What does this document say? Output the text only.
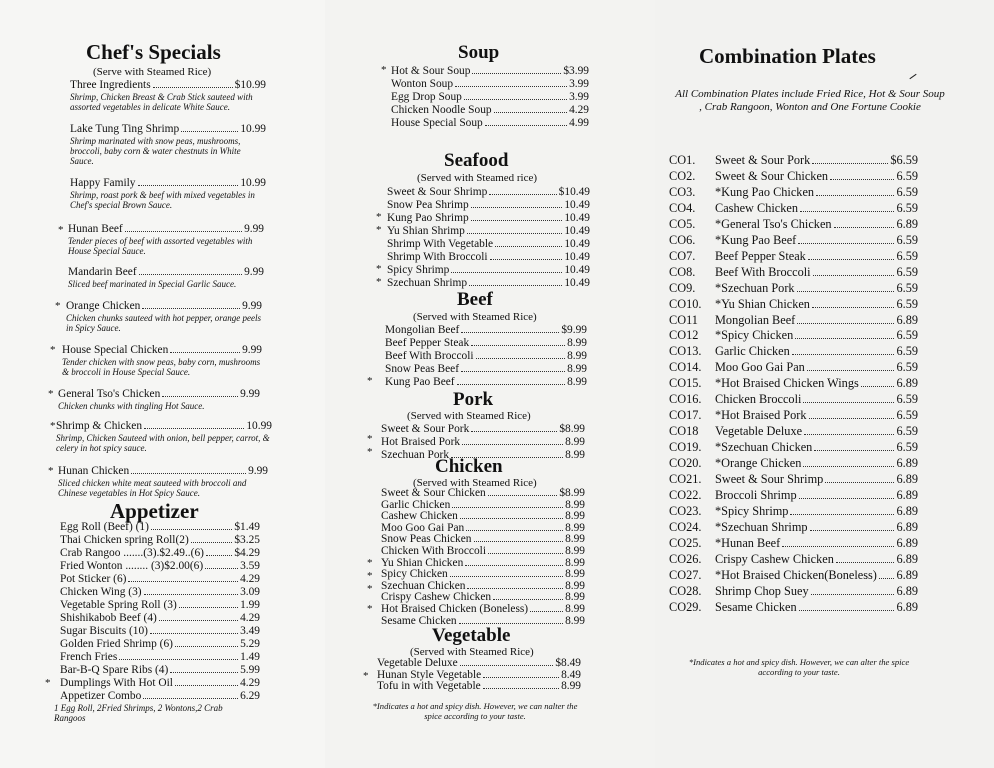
Chef's Specials
(Serve with Steamed Rice)
Three Ingredients	$10.99
Shrimp, Chicken Breast & Crab Stick sauteed with assorted vegetables in delicate White Sauce.
Lake Tung Ting Shrimp	10.99
Shrimp marinated with snow peas, mushrooms, broccoli, baby corn & water chestnuts in White Sauce.
Happy Family	10.99
Shrimp, roast pork & beef with mixed vegetables in Chef's special Brown Sauce.
* Hunan Beef	9.99
Tender pieces of beef with assorted vegetables with House Special Sauce.
Mandarin Beef	9.99
Sliced beef marinated in Special Garlic Sauce.
* Orange Chicken	9.99
Chicken chunks sauteed with hot pepper, orange peels in Spicy Sauce.
* House Special Chicken	9.99
Tender chicken with snow peas, baby corn, mushrooms & broccoli in House Special Sauce.
* General Tso's Chicken	9.99
Chicken chunks with tingling Hot Sauce.
* Shrimp & Chicken	10.99
Shrimp, Chicken Sauteed with onion, bell pepper, carrot, & celery in hot spicy sauce.
* Hunan Chicken	9.99
Sliced chicken white meat sauteed with broccoli and Chinese vegetables in Hot Spicy Sauce.
Appetizer
Egg Roll (Beef) (1)	$1.49
Thai Chicken spring Roll(2)	$3.25
Crab Rangoo .......(3).$2.49..(6)	$4.29
Fried Wonton ........ (3)$2.00(6)	3.59
Pot Sticker (6)	4.29
Chicken Wing (3)	3.09
Vegetable Spring Roll (3)	1.99
Shishikabob Beef (4)	4.29
Sugar Biscuits (10)	3.49
Golden Fried Shrimp (6)	5.29
French Fries	1.49
Bar-B-Q Spare Ribs (4)	5.99
Dumplings With Hot Oil	4.29
Appetizer Combo	6.29
*
1 Egg Roll, 2Fried Shrimps, 2 Wontons,2 Crab Rangoos
Soup
* Hot & Sour Soup	$3.99
Wonton Soup	3.99
Egg Drop Soup	3.99
Chicken Noodle Soup	4.29
House Special Soup	4.99
Seafood
(Served with Steamed rice)
*
*
*
*
Sweet & Sour Shrimp	$10.49
Snow Pea Shrimp	10.49
Kung Pao Shrimp	10.49
Yu Shian Shrimp	10.49
Shrimp With Vegetable	10.49
Shrimp With Broccoli	10.49
Spicy Shrimp	10.49
Szechuan Shrimp	10.49
Beef
(Served with Steamed Rice)
*
Mongolian Beef	$9.99
Beef Pepper Steak	8.99
Beef With Broccoli	8.99
Snow Peas Beef	8.99
Kung Pao Beef	8.99
Pork
(Served with Steamed Rice)
*
*
Sweet & Sour Pork	$8.99
Hot Braised Pork	8.99
Szechuan Pork	8.99
Chicken
(Served with Steamed Rice)
*
*
*
*
Sweet & Sour Chicken	$8.99
Garlic Chicken	8.99
Cashew Chicken	8.99
Moo Goo Gai Pan	8.99
Snow Peas Chicken	8.99
Chicken With Broccoli	8.99
Yu Shian Chicken	8.99
Spicy Chicken	8.99
Szechuan Chicken	8.99
Crispy Cashew Chicken	8.99
Hot Braised Chicken (Boneless)	8.99
Sesame Chicken	8.99
Vegetable
(Served with Steamed Rice)
*
Vegetable Deluxe	$8.49
Hunan Style Vegetable	8.49
Tofu in with Vegetable	8.99
*Indicates a hot and spicy dish. However, we can nalter the spice according to your taste.
Combination Plates
All Combination Plates include Fried Rice, Hot & Sour Soup , Crab Rangoon, Wonton and One Fortune Cookie
CO1.	Sweet & Sour Pork	$6.59
CO2.	Sweet & Sour Chicken	6.59
CO3.	*Kung Pao Chicken	6.59
CO4.	Cashew Chicken	6.59
CO5.	*General Tso's Chicken	6.89
CO6.	*Kung Pao Beef	6.59
CO7.	Beef Pepper Steak	6.59
CO8.	Beef With Broccoli	6.59
CO9.	*Szechuan Pork	6.59
CO10.	*Yu Shian Chicken	6.59
CO11	Mongolian Beef	6.89
CO12	*Spicy Chicken	6.59
CO13.	Garlic Chicken	6.59
CO14.	Moo Goo Gai Pan	6.59
CO15.	*Hot Braised Chicken Wings	6.89
CO16.	Chicken Broccoli	6.59
CO17.	*Hot Braised Pork	6.59
CO18	Vegetable Deluxe	6.59
CO19.	*Szechuan Chicken	6.59
CO20.	*Orange Chicken	6.89
CO21.	Sweet & Sour Shrimp	6.89
CO22.	Broccoli Shrimp	6.89
CO23.	*Spicy Shrimp	6.89
CO24.	*Szechuan Shrimp	6.89
CO25.	*Hunan Beef	6.89
CO26.	Crispy Cashew Chicken	6.89
CO27.	*Hot Braised Chicken(Boneless) 6.89
CO28.	Shrimp Chop Suey	6.89
CO29.	Sesame Chicken	6.89
*Indicates a hot and spicy dish. However, we can alter the spice according to your taste.
